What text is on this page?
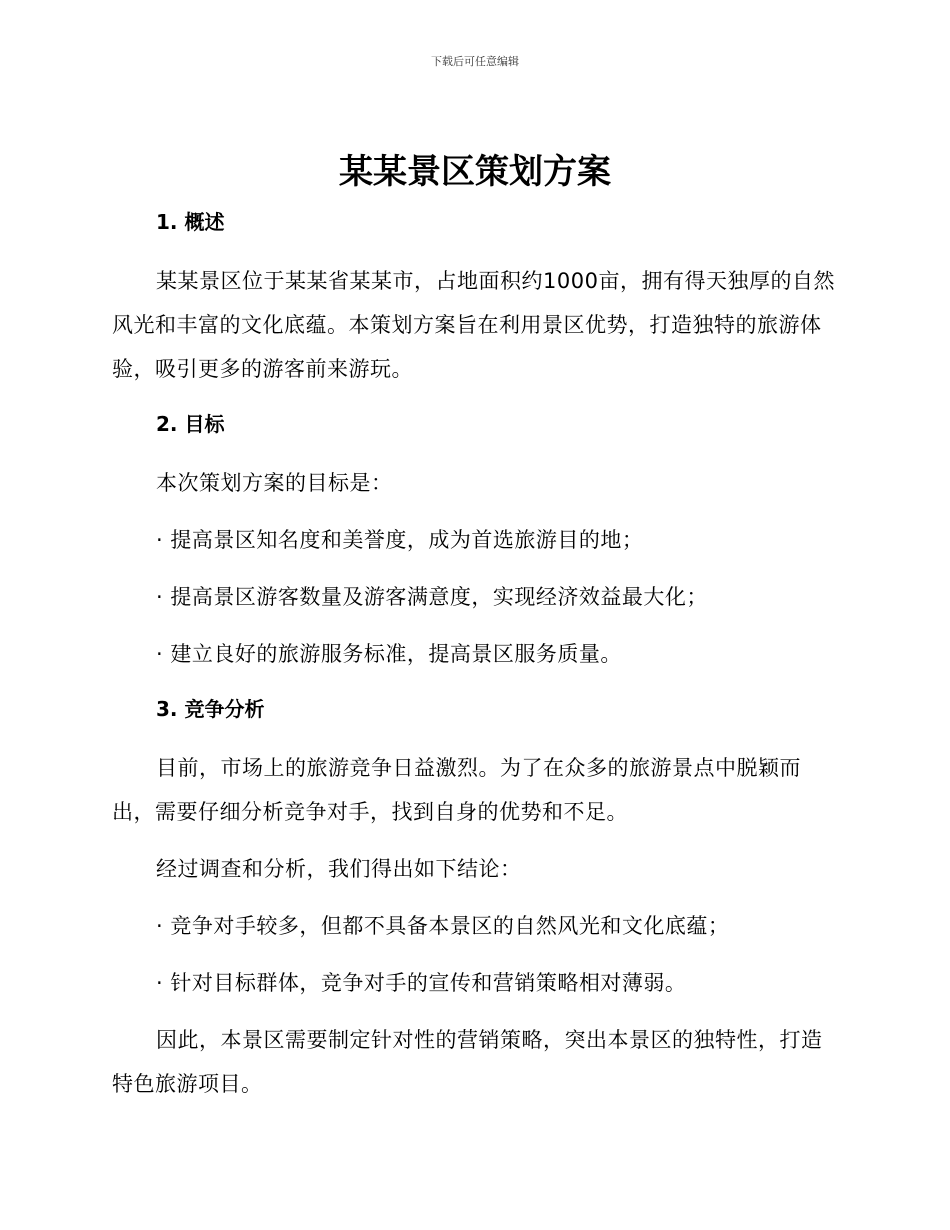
下载后可任意编辑
某某景区策划方案
1. 概述

某某景区位于某某省某某市，占地面积约1000亩，拥有得天独厚的自然风光和丰富的文化底蕴。本策划方案旨在利用景区优势，打造独特的旅游体验，吸引更多的游客前来游玩。

2. 目标

本次策划方案的目标是：

· 提高景区知名度和美誉度，成为首选旅游目的地；

· 提高景区游客数量及游客满意度，实现经济效益最大化；

· 建立良好的旅游服务标准，提高景区服务质量。

3. 竞争分析

目前，市场上的旅游竞争日益激烈。为了在众多的旅游景点中脱颖而出，需要仔细分析竞争对手，找到自身的优势和不足。

经过调查和分析，我们得出如下结论：

· 竞争对手较多，但都不具备本景区的自然风光和文化底蕴；

· 针对目标群体，竞争对手的宣传和营销策略相对薄弱。

因此，本景区需要制定针对性的营销策略，突出本景区的独特性，打造特色旅游项目。
